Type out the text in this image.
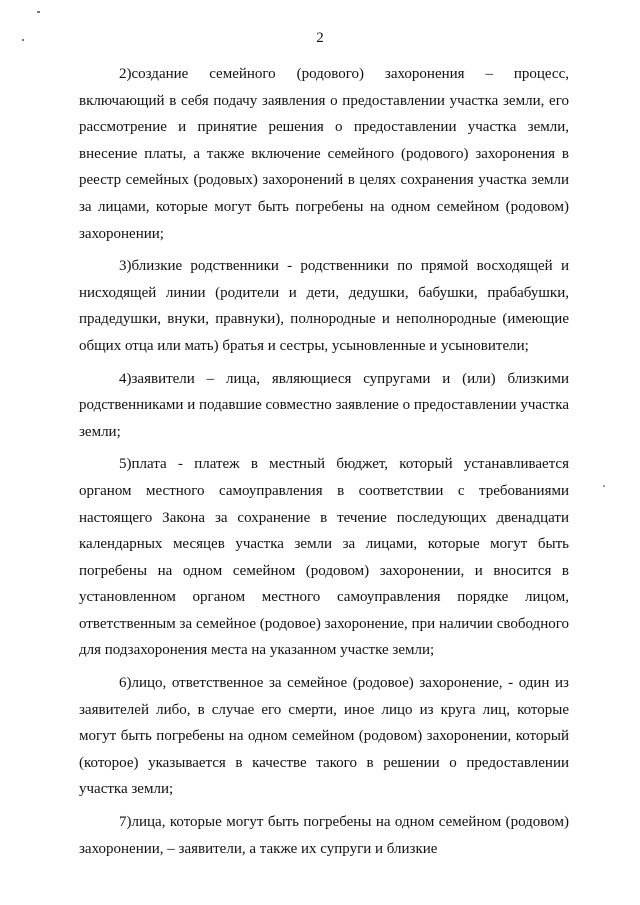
2

2)создание семейного (родового) захоронения – процесс, включающий в себя подачу заявления о предоставлении участка земли, его рассмотрение и принятие решения о предоставлении участка земли, внесение платы, а также включение семейного (родового) захоронения в реестр семейных (родовых) захоронений в целях сохранения участка земли за лицами, которые могут быть погребены на одном семейном (родовом) захоронении;

3)близкие родственники - родственники по прямой восходящей и нисходящей линии (родители и дети, дедушки, бабушки, прабабушки, прадедушки, внуки, правнуки), полнородные и неполнородные (имеющие общих отца или мать) братья и сестры, усыновленные и усыновители;

4)заявители – лица, являющиеся супругами и (или) близкими родственниками и подавшие совместно заявление о предоставлении участка земли;

5)плата - платеж в местный бюджет, который устанавливается органом местного самоуправления в соответствии с требованиями настоящего Закона за сохранение в течение последующих двенадцати календарных месяцев участка земли за лицами, которые могут быть погребены на одном семейном (родовом) захоронении, и вносится в установленном органом местного самоуправления порядке лицом, ответственным за семейное (родовое) захоронение, при наличии свободного для подзахоронения места на указанном участке земли;

6)лицо, ответственное за семейное (родовое) захоронение, - один из заявителей либо, в случае его смерти, иное лицо из круга лиц, которые могут быть погребены на одном семейном (родовом) захоронении, который (которое) указывается в качестве такого в решении о предоставлении участка земли;

7)лица, которые могут быть погребены на одном семейном (родовом) захоронении, – заявители, а также их супруги и близкие
